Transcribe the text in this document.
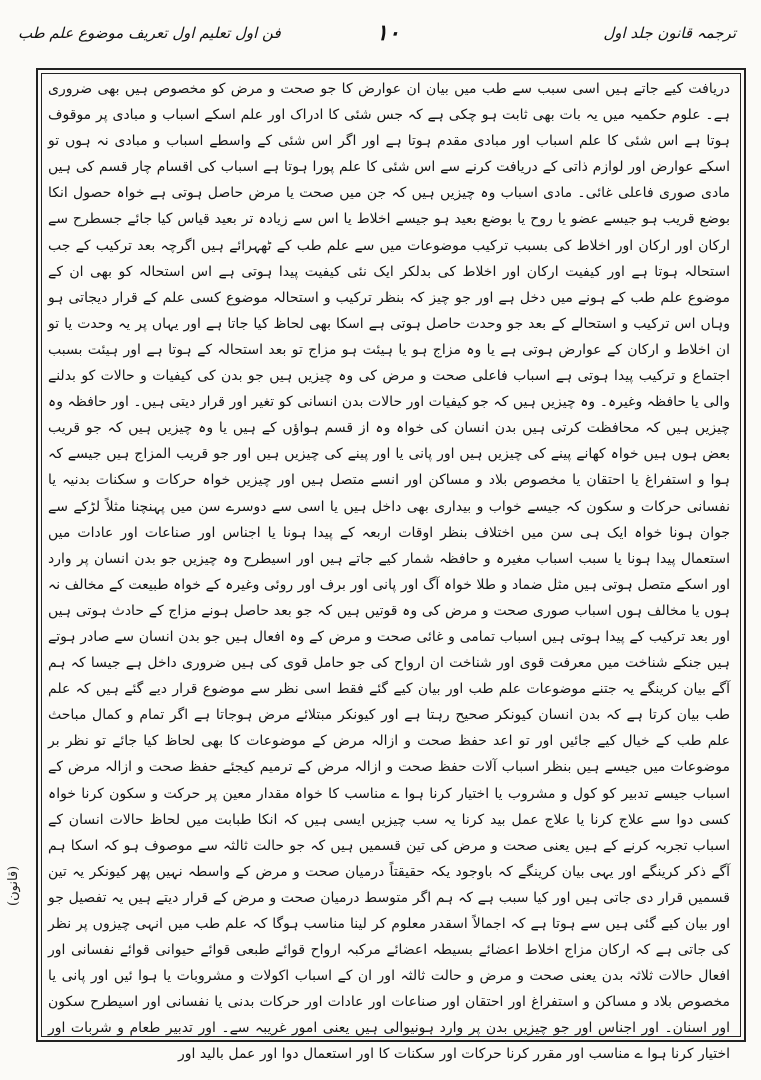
ترجمہ قانون جلد اول
۱۰
فن اول تعلیم اول تعریف موضوع علم طب

دریافت کیے جاتے ہیں اسی سبب سے طب میں بیان ان عوارض کا جو صحت و مرض کو مخصوص ہیں بھی ضروری ہے۔ علوم حکمیہ میں یہ بات بھی ثابت ہو چکی ہے کہ جس شئی کا ادراک اور علم اسکے اسباب و مبادی پر موقوف ہوتا ہے اس شئی کا علم اسباب اور مبادی مقدم ہوتا ہے اور اگر اس شئی کے واسطے اسباب و مبادی نہ ہوں تو اسکے عوارض اور لوازم ذاتی کے دریافت کرنے سے اس شئی کا علم پورا ہوتا ہے اسباب کی اقسام چار قسم کی ہیں مادی صوری فاعلی غائی۔ مادی اسباب وہ چیزیں ہیں کہ جن میں صحت یا مرض حاصل ہوتی ہے خواہ حصول انکا بوضع قریب ہو جیسے عضو یا روح یا بوضع بعید ہو جیسے اخلاط یا اس سے زیادہ تر بعید قیاس کیا جائے جسطرح سے ارکان اور ارکان اور اخلاط کی بسبب ترکیب موضوعات میں سے علم طب کے ٹھہرائے ہیں اگرچہ بعد ترکیب کے جب استحالہ ہوتا ہے اور کیفیت ارکان اور اخلاط کی بدلکر ایک نئی کیفیت پیدا ہوتی ہے اس استحالہ کو بھی ان کے موضوع علم طب کے ہونے میں دخل ہے اور جو چیز کہ بنظر ترکیب و استحالہ موضوع کسی علم کے قرار دیجاتی ہو وہاں اس ترکیب و استحالے کے بعد جو وحدت حاصل ہوتی ہے اسکا بھی لحاظ کیا جاتا ہے اور یہاں پر یہ وحدت یا تو ان اخلاط و ارکان کے عوارض ہوتی ہے یا وہ مزاج ہو یا ہیئت ہو مزاج تو بعد استحالہ کے ہوتا ہے اور ہیئت بسبب اجتماع و ترکیب پیدا ہوتی ہے اسباب فاعلی صحت و مرض کی وہ چیزیں ہیں جو بدن کی کیفیات و حالات کو بدلنے والی یا حافظہ وغیرہ۔ وہ چیزیں ہیں کہ جو کیفیات اور حالات بدن انسانی کو تغیر اور قرار دیتی ہیں۔ اور حافظہ وہ چیزیں ہیں کہ محافظت کرتی ہیں بدن انسان کی خواہ وہ از قسم ہواؤں کے ہیں یا وہ چیزیں ہیں کہ جو قریب بعض ہوں ہیں خواہ کھانے پینے کی چیزیں ہیں اور پانی یا اور پینے کی چیزیں ہیں اور جو قریب المزاج ہیں جیسے کہ ہوا و استفراغ یا احتقان یا مخصوص بلاد و مساکن اور انسے متصل ہیں اور چیزیں خواہ حرکات و سکنات بدنیہ یا نفسانی حرکات و سکون کہ جیسے خواب و بیداری بھی داخل ہیں یا اسی سے دوسرے سن میں پہنچنا مثلاً لڑکے سے جوان ہونا خواہ ایک ہی سن میں اختلاف بنظر اوقات اربعہ کے پیدا ہونا یا اجناس اور صناعات اور عادات میں استعمال پیدا ہونا یا سبب اسباب مغیرہ و حافظہ شمار کیے جاتے ہیں اور اسیطرح وہ چیزیں جو بدن انسان پر وارد اور اسکے متصل ہوتی ہیں مثل ضماد و طلا خواہ آگ اور پانی اور برف اور روئی وغیرہ کے خواہ طبیعت کے مخالف نہ ہوں یا مخالف ہوں اسباب صوری صحت و مرض کی وہ قوتیں ہیں کہ جو بعد حاصل ہونے مزاج کے حادث ہوتی ہیں اور بعد ترکیب کے پیدا ہوتی ہیں اسباب تمامی و غائی صحت و مرض کے وہ افعال ہیں جو بدن انسان سے صادر ہوتے ہیں جنکے شناخت میں معرفت قوی اور شناخت ان ارواح کی جو حامل قوی کی ہیں ضروری داخل ہے جیسا کہ ہم آگے بیان کرینگے یہ جتنے موضوعات علم طب اور بیان کیے گئے فقط اسی نظر سے موضوع قرار دیے گئے ہیں کہ علم طب بیان کرتا ہے کہ بدن انسان کیونکر صحیح رہتا ہے اور کیونکر مبتلائے مرض ہوجاتا ہے اگر تمام و کمال مباحث علم طب کے خیال کیے جائیں اور تو اعد حفظ صحت و ازالہ مرض کے موضوعات کا بھی لحاظ کیا جائے تو نظر بر موضوعات میں جیسے ہیں بنظر اسباب آلات حفظ صحت و ازالہ مرض کے ترمیم کیجئے حفظ صحت و ازالہ مرض کے اسباب جیسے تدبیر کو کول و مشروب یا اختیار کرنا ہوا ے مناسب کا خواہ مقدار معین پر حرکت و سکون کرنا خواہ کسی دوا سے علاج کرنا یا علاج عمل بید کرنا یہ سب چیزیں ایسی ہیں کہ انکا طبابت میں لحاظ حالات انسان کے اسباب تجربہ کرنے کے ہیں یعنی صحت و مرض کی تین قسمیں ہیں کہ جو حالت ثالثہ سے موصوف ہو کہ اسکا ہم آگے ذکر کرینگے اور یہی بیان کرینگے کہ باوجود یکہ حقیقتاً درمیان صحت و مرض کے واسطہ نہیں پھر کیونکر یہ تین قسمیں قرار دی جاتی ہیں اور کیا سبب ہے کہ ہم اگر متوسط درمیان صحت و مرض کے قرار دیتے ہیں یہ تفصیل جو اور بیان کیے گئی ہیں سے ہوتا ہے کہ اجمالاً اسقدر معلوم کر لینا مناسب ہوگا کہ علم طب میں انہی چیزوں پر نظر کی جاتی ہے کہ ارکان مزاج اخلاط اعضائے بسیطہ اعضائے مرکبہ ارواح قوائے طبعی قوائے حیوانی قوائے نفسانی اور افعال حالات ثلاثہ بدن یعنی صحت و مرض و حالت ثالثہ اور ان کے اسباب اکولات و مشروبات یا ہوا ئیں اور پانی یا مخصوص بلاد و مساکن و استفراغ اور احتقان اور صناعات اور عادات اور حرکات بدنی یا نفسانی اور اسیطرح سکون اور اسنان۔ اور اجناس اور جو چیزیں بدن پر وارد ہونیوالی ہیں یعنی امور غریبہ سے۔ اور تدبیر طعام و شربات اور اختیار کرنا ہوا ے مناسب اور مقرر کرنا حرکات اور سکنات کا اور استعمال دوا اور عمل بالید اور

(قانون)
